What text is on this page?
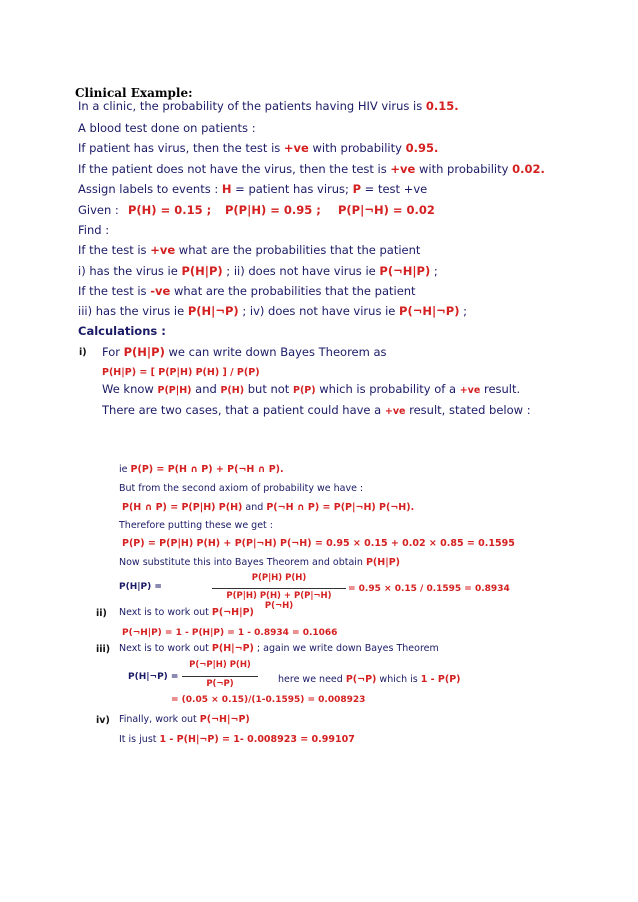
Clinical Example:
In a clinic, the probability of the patients having HIV virus is 0.15.
A blood test done on patients :
If patient has virus, then the test is +ve with probability 0.95.
If the patient does not have the virus, then the test is +ve with probability 0.02.
Assign labels to events : H = patient has virus; P = test +ve
Given : P(H) = 0.15 ; P(P|H) = 0.95 ; P(P|¬H) = 0.02
Find :
If the test is +ve what are the probabilities that the patient
i) has the virus ie P(H|P) ; ii) does not have virus ie P(¬H|P) ;
If the test is -ve what are the probabilities that the patient
iii) has the virus ie P(H|¬P) ; iv) does not have virus ie P(¬H|¬P) ;
Calculations :
i) For P(H|P) we can write down Bayes Theorem as
P(H|P) = [ P(P|H) P(H) ] / P(P)
We know P(P|H) and P(H) but not P(P) which is probability of a +ve result.
There are two cases, that a patient could have a +ve result, stated below :
ie P(P) = P(H ∩ P) + P(¬H ∩ P).
But from the second axiom of probability we have :
P(H ∩ P) = P(P|H) P(H) and P(¬H ∩ P) = P(P|¬H) P(¬H).
Therefore putting these we get :
P(P) = P(P|H) P(H) + P(P|¬H) P(¬H) = 0.95 × 0.15 + 0.02 × 0.85 = 0.1595
Now substitute this into Bayes Theorem and obtain P(H|P)
P(H|P) =
P(P|H) P(H)
P(P|H) P(H) + P(P|¬H) P(¬H)
= 0.95 × 0.15 / 0.1595 = 0.8934
ii) Next is to work out P(¬H|P)
P(¬H|P) = 1 - P(H|P) = 1 - 0.8934 = 0.1066
iii) Next is to work out P(H|¬P) ; again we write down Bayes Theorem
P(H|¬P) =
P(¬P|H) P(H)
P(¬P)	here we need P(¬P) which is 1 - P(P)
= (0.05 × 0.15)/(1-0.1595) = 0.008923
iv) Finally, work out P(¬H|¬P)
It is just 1 - P(H|¬P) = 1- 0.008923 = 0.99107
